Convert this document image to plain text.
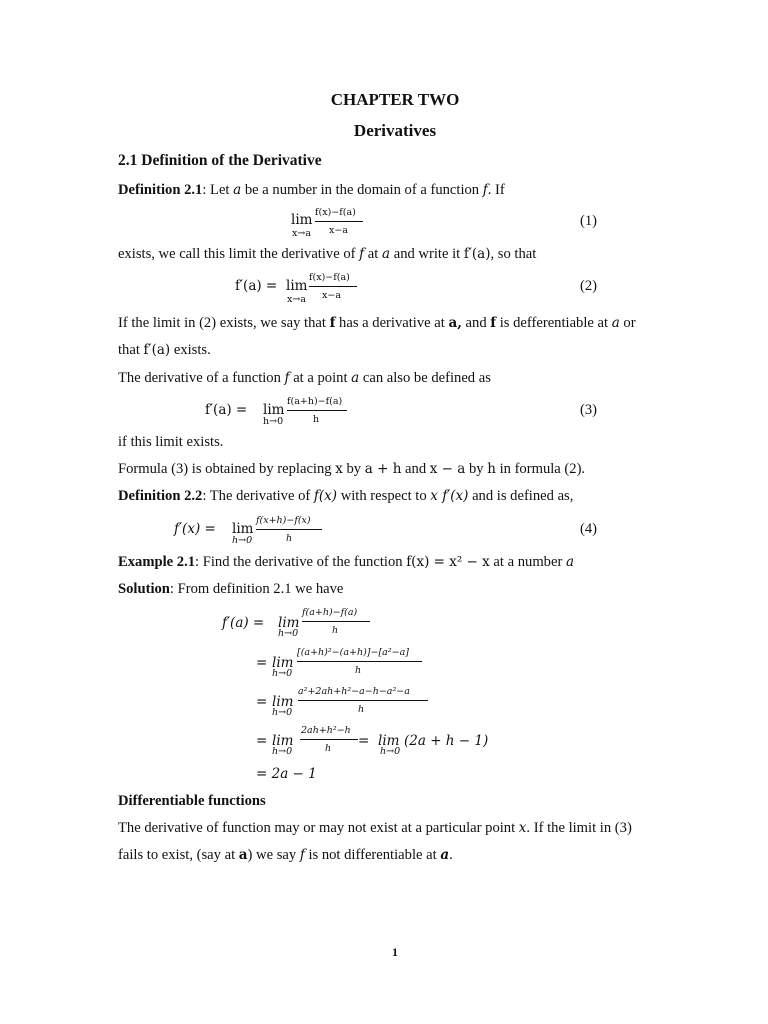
CHAPTER TWO
Derivatives
2.1 Definition of the Derivative
Definition 2.1: Let a be a number in the domain of a function f. If
lim
x→a
f(x)−f(a)
x−a
(1)
exists, we call this limit the derivative of f at a and write it f′(a), so that
f′(a) = lim
x→a
f(x)−f(a)
x−a
(2)
If the limit in (2) exists, we say that f has a derivative at a, and f is defferentiable at a or
that f′(a) exists.
The derivative of a function f at a point a can also be defined as
f′(a) = lim
h→0
f(a+h)−f(a)
h
(3)
if this limit exists.
Formula (3) is obtained by replacing x by a + h and x − a by h in formula (2).
Definition 2.2: The derivative of f(x) with respect to x f′(x) and is defined as,
f′(x) = lim
h→0
f(x+h)−f(x)
h
(4)
Example 2.1: Find the derivative of the function f(x) = x² − x at a number a
Solution: From definition 2.1 we have
f′(a) = lim
h→0
f(a+h)−f(a)
h
= lim
h→0
[(a+h)²−(a+h)]−[a²−a]
h
= lim
h→0
a²+2ah+h²−a−h−a²−a
h
= lim
h→0
2ah+h²−h
h = lim
h→0
(2a + h − 1)
= 2a − 1
Differentiable functions
The derivative of function may or may not exist at a particular point x. If the limit in (3)
fails to exist, (say at a) we say f is not differentiable at a.
1
